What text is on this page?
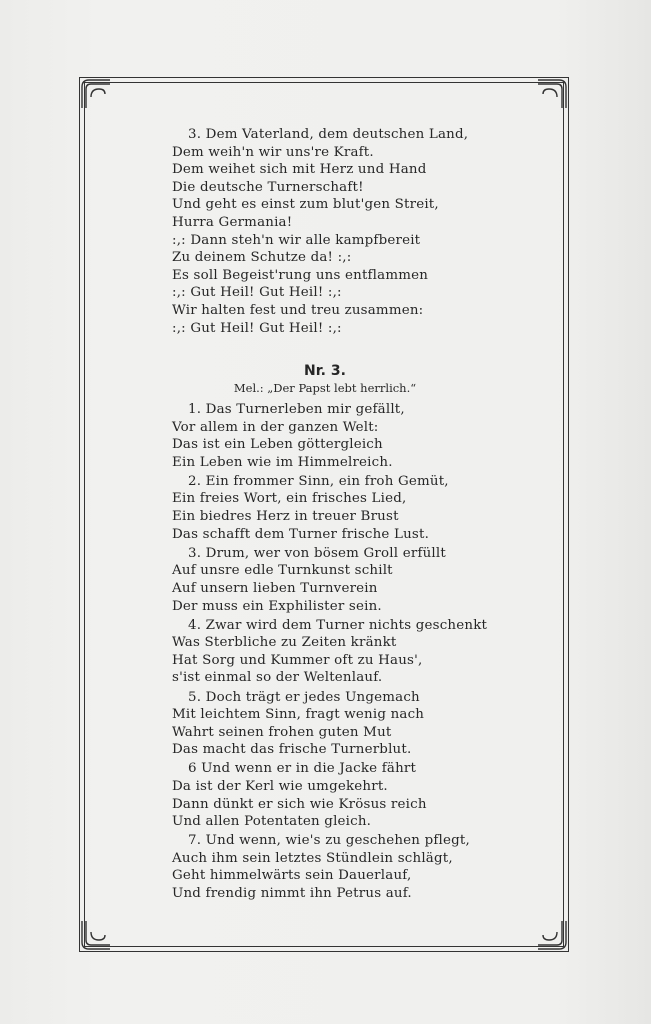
3. Dem Vaterland, dem deutschen Land,
Dem weih'n wir uns're Kraft.
Dem weihet sich mit Herz und Hand
Die deutsche Turnerschaft!
Und geht es einst zum blut'gen Streit,
Hurra Germania!
:,: Dann steh'n wir alle kampfbereit
Zu deinem Schutze da! :,:
Es soll Begeist'rung uns entflammen
:,: Gut Heil! Gut Heil! :,:
Wir halten fest und treu zusammen:
:,: Gut Heil! Gut Heil! :,:
Nr. 3.
Mel.: „Der Papst lebt herrlich.“
1. Das Turnerleben mir gefällt,
Vor allem in der ganzen Welt:
Das ist ein Leben göttergleich
Ein Leben wie im Himmelreich.
2. Ein frommer Sinn, ein froh Gemüt,
Ein freies Wort, ein frisches Lied,
Ein biedres Herz in treuer Brust
Das schafft dem Turner frische Lust.
3. Drum, wer von bösem Groll erfüllt
Auf unsre edle Turnkunst schilt
Auf unsern lieben Turnverein
Der muss ein Exphilister sein.
4. Zwar wird dem Turner nichts geschenkt
Was Sterbliche zu Zeiten kränkt
Hat Sorg und Kummer oft zu Haus',
s'ist einmal so der Weltenlauf.
5. Doch trägt er jedes Ungemach
Mit leichtem Sinn, fragt wenig nach
Wahrt seinen frohen guten Mut
Das macht das frische Turnerblut.
6 Und wenn er in die Jacke fährt
Da ist der Kerl wie umgekehrt.
Dann dünkt er sich wie Krösus reich
Und allen Potentaten gleich.
7. Und wenn, wie's zu geschehen pflegt,
Auch ihm sein letztes Stündlein schlägt,
Geht himmelwärts sein Dauerlauf,
Und frendig nimmt ihn Petrus auf.
